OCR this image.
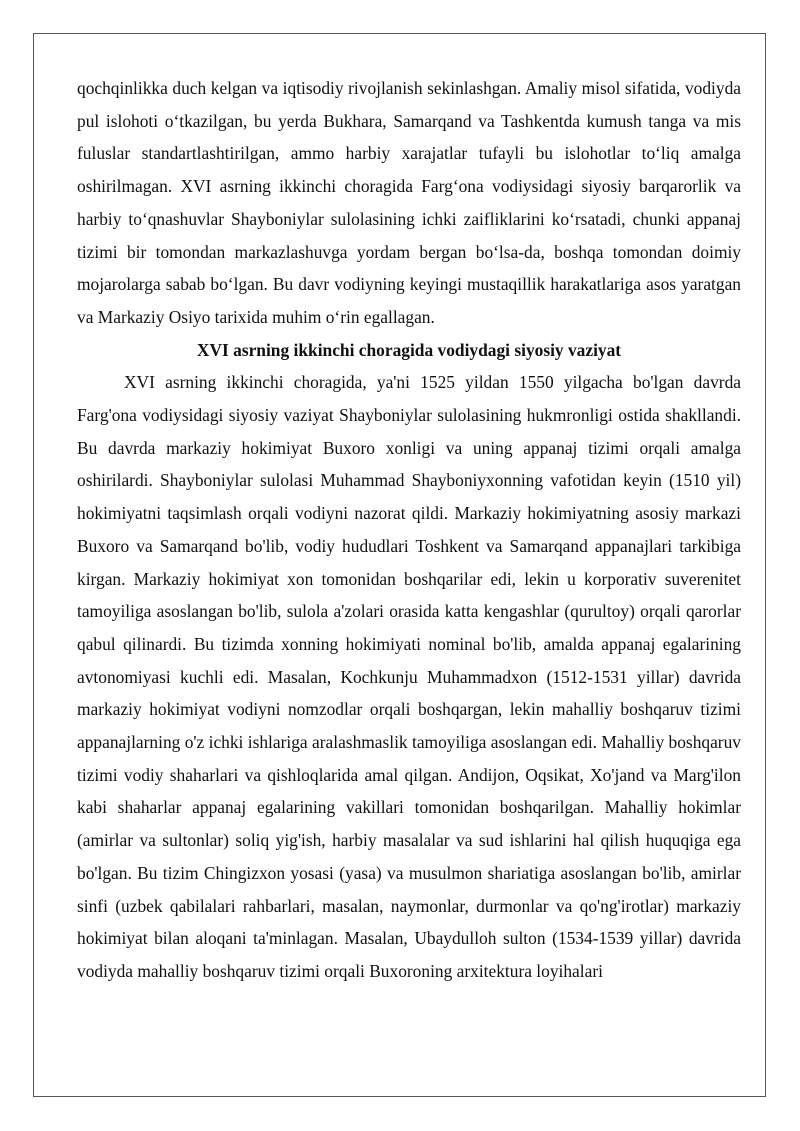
qochqinlikka duch kelgan va iqtisodiy rivojlanish sekinlashgan. Amaliy misol sifatida, vodiyda pul islohoti o‘tkazilgan, bu yerda Bukhara, Samarqand va Tashkentda kumush tanga va mis fuluslar standartlashtirilgan, ammo harbiy xarajatlar tufayli bu islohotlar to‘liq amalga oshirilmagan. XVI asrning ikkinchi choragida Farg‘ona vodiysidagi siyosiy barqarorlik va harbiy to‘qnashuvlar Shayboniylar sulolasining ichki zaifliklarini ko‘rsatadi, chunki appanaj tizimi bir tomondan markazlashuvga yordam bergan bo‘lsa-da, boshqa tomondan doimiy mojarolarga sabab bo‘lgan. Bu davr vodiyning keyingi mustaqillik harakatlariga asos yaratgan va Markaziy Osiyo tarixida muhim o‘rin egallagan.

XVI asrning ikkinchi choragida vodiydagi siyosiy vaziyat

XVI asrning ikkinchi choragida, ya'ni 1525 yildan 1550 yilgacha bo'lgan davrda Farg'ona vodiysidagi siyosiy vaziyat Shayboniylar sulolasining hukmronligi ostida shakllandi. Bu davrda markaziy hokimiyat Buxoro xonligi va uning appanaj tizimi orqali amalga oshirilardi. Shayboniylar sulolasi Muhammad Shayboniyxonning vafotidan keyin (1510 yil) hokimiyatni taqsimlash orqali vodiyni nazorat qildi. Markaziy hokimiyatning asosiy markazi Buxoro va Samarqand bo'lib, vodiy hududlari Toshkent va Samarqand appanajlari tarkibiga kirgan. Markaziy hokimiyat xon tomonidan boshqarilar edi, lekin u korporativ suverenitet tamoyiliga asoslangan bo'lib, sulola a'zolari orasida katta kengashlar (qurultoy) orqali qarorlar qabul qilinardi. Bu tizimda xonning hokimiyati nominal bo'lib, amalda appanaj egalarining avtonomiyasi kuchli edi. Masalan, Kochkunju Muhammadxon (1512-1531 yillar) davrida markaziy hokimiyat vodiyni nomzodlar orqali boshqargan, lekin mahalliy boshqaruv tizimi appanajlarning o'z ichki ishlariga aralashmaslik tamoyiliga asoslangan edi. Mahalliy boshqaruv tizimi vodiy shaharlari va qishloqlarida amal qilgan. Andijon, Oqsikat, Xo'jand va Marg'ilon kabi shaharlar appanaj egalarining vakillari tomonidan boshqarilgan. Mahalliy hokimlar (amirlar va sultonlar) soliq yig'ish, harbiy masalalar va sud ishlarini hal qilish huquqiga ega bo'lgan. Bu tizim Chingizxon yosasi (yasa) va musulmon shariatiga asoslangan bo'lib, amirlar sinfi (uzbek qabilalari rahbarlari, masalan, naymonlar, durmonlar va qo'ng'irotlar) markaziy hokimiyat bilan aloqani ta'minlagan. Masalan, Ubaydulloh sulton (1534-1539 yillar) davrida vodiyda mahalliy boshqaruv tizimi orqali Buxoroning arxitektura loyihalari
